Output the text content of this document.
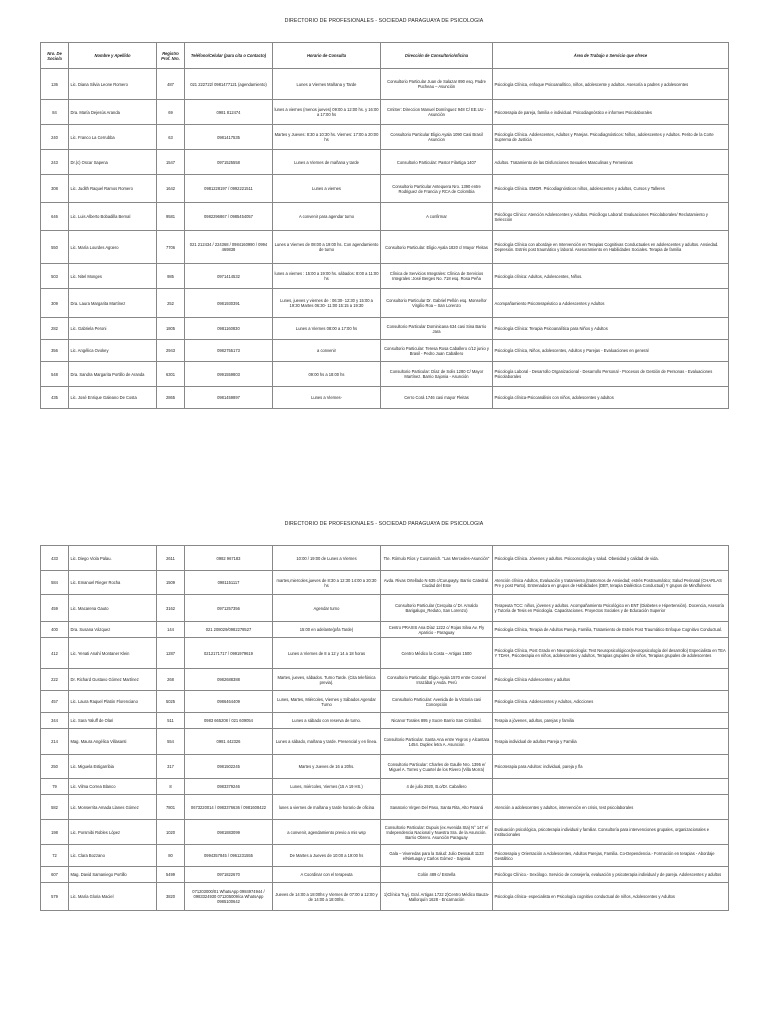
DIRECTORIO DE PROFESIONALES - SOCIEDAD PARAGUAYA DE PSICOLOGIA
Nro. De Socio/a	Nombre y Apellido	Registro Prof. Nro.	Teléfono/Celular (para cita o Contacto)	Horario de Consulta	Dirección de Consultorio/oficina	Área de Trabajo o Servicio que ofrece
136	Lic. Diana Silvia Leone Romero	487	021 222722/ 0981477121 (agendamiento)	Lunes a Viernes Mañana y Tarde	Consultorio Particular Juan de Salazar 890 esq. Padre Pucheau – Asunción	Psicología Clínica, enfoque Psicoanalítico, niños, adolescente y adultos. Asesoría a padres y adolescentes
84	Dra. María Dejesús Aranda	69	0981 812474	lunes a viernes (menos jueves) 09:00 a 12:00 hs. y 16:00 a 17:00 hs	CmiSer: Direccion Manuel Domínguez 948 C/ EE.UU - Asunción	Psicoterapia de pareja, familia e individual. Psicodiagnóstico e informes Psicolaborales
240	Lic. Franco La Cerrubba	63	0981417535	Martes y Jueves: 8:30 a 10:30 hs. Viernes: 17:00 a 20:00 hs	Consultorio Particular Eligio Ayala 1090 Casi Brasil Asuncion	Psicología Clínica. Adolescentes, Adultos y Parejas. Psicodiagnósticos: Niños, adolescentes y Adultos. Perito de la Corte Suprema de Justicia
243	Dr.(c) Oscar Sapena	1547	0971525558	Lunes a Viernes de mañana y tarde	Consultorio Particular: Pastor Filartiga 1407	Adultos. Tratamiento de las Disfunciones Sexuales Masculinas y Femeninas
308	Lic. Judith Raquel Ramos Romero	1642	0981228197 / 0992221511	Lunes a viernes	Consultorio Particular Antequera Nro. 1390 entre Rodriguez de Francia y RCA de Colombia	Psicología Clínica. EMDR. Psicodiagnósticos niños, adolescentes y adultos, Cursos y Talleres
646	Lic. Luis Alberto Bobadilla Bernal	9581	0982296867 / 0985454057	A convenir para agendar turno	A confirmar	Psicólogo Clínico: Atención Adolescentes y Adultos. Psicólogo Laboral: Evaluaciones Psicolaborales/ Reclutamiento y Selección
550	Lic. María Lourdes Agüero	7706	021 212434 / 224368 / 0984160990 / 0994 469838	Lunes a Viernes de 08:00 a 19:00 hs. Con agendamiento de turno	Consultorio Particular: Eligio Ayala 1820 c/ Mayor Fleitas	Psicología Clínica con abordaje en Intervención en Terapias Cognitivas Conductuales en adolescentes y adultos. Ansiedad. Depresión. Estrés post traumático y laboral. Asesoramiento en Habilidades Sociales. Terapia de familia
503	Lic. Nitel Monges	985	0971414532	lunes a viernes : 15:00 a 19:00 hs. sábados: 8:00 a 11:00 hs	Clínica de Servicios Integrales: Clínica de Servicios Integrales :José Berges No. 718 esq. Rosa Peña	Psicología clínica: Adultos, Adolescentes, Niños.
309	Dra. Laura Margarita Martínez	252	0981930391	Lunes, jueves y viernes de : 06:30- 12:30 y 15:00 a 19:30 Martes 06:30- 11:00 15:15 a 19:30	Consultorio Particular Dr. Gabriel Pellón esq. Monseñor Virgilio Roa – San Lorenzo	Acompañamiento Psicoterapéutico a Adolescentes y Adultos
282	Lic. Gabriela Peroni	1805	0981160830	Lunes a Viernes 08:00 a 17:00 hs	Consultorio Particular Dominicana 634 casi Sina Barrio Jara	Psicología Clínica: Terapia Psicoanalítica para Niños y Adultos
356	Lic. Angélica Ovokey	2943	0982755173	a convenir	Consultorio Particular: Teresa Rosa Caballero c/12 junio y Brasil - Pedro Juan Caballero	Psicología Clínica, Niños, adolescentes, Adultos y Parejas - Evaluaciones en general
548	Dra. Sandra Margarita Portillo de Aranda	6301	0991559803	09:00 hs a 18:00 hs	Consultorio Particular: Díaz de Solis 1280 C/ Mayor Martínez. Barrio Sajonia - Asunción	Psicología Laboral - Desarrollo Organizacional - Desarrollo Personal - Procesos de Gestión de Personas - Evaluaciones Psicolaborales
435	Lic. José Enrique Galeano De Costa	2865	0981459897	Lunes a Viernes-	Cerro Corá 1746 casi mayor Fleitas	Psicología clínica-Psicoanálisis con niños, adolescentes y adultos
DIRECTORIO DE PROFESIONALES - SOCIEDAD PARAGUAYA DE PSICOLOGIA
433	Lic. Diego Viola Palau.	2611	0982 967183	10:00 / 19:00 de Lunes a Viernes	Tte. Rómulo Ríos y Cusmanich. "Las Mercedes-Asunción"	Psicología Clínica. Jóvenes y adultos. Psicooncología y salud. Obesidad y calidad de vida.
584	Lic. Emanuel Rieger Rocha	1509	0981151117	martes,miercoles,jueves de 8:30 a 12:30 14:00 a 20:30 hs	Avda. Rivas Ortellado N 635 c/Curupayty. Barrio Catedral. Ciudad del Este	Atención clínica Adultos, Evaluación y tratamiento,(trastornos de Ansiedad; estrés Postraumático; Salud Perinatal (CHARLAS Pre y post Parto). Entrenadora en grupos de Habilidades (DBT, terapia Dialéctica Conductual) Y grupos de Mindfulness
459	Lic. Macarena Gauto	3162	0971257356	Agendar turno	Consultorio Particular (Cerquita c/ Dr. Arnaldo Barigalupo_Reduto, San Lorenzo)	Terapeuta TCC: niños, jóvenes y adultos. Acompañamiento Psicológico en ENT (Diabetes e Hipertensión). Docencia, Asesoría y Tutoría de Tesis en Psicología. Capacitaciones. Proyectos Sociales y de Educación Superior
400	Dra. Susana Vázquez	144	021 208029/0982278527	15:00 en adelante(p/la Tarde)	Centro PRAXIS Ana Díaz 1222 c/ Rojas Silva Av. Fly Aparicio - Paraguay	Psicología Clínica, Terapia de Adultos Pareja, Familia, Tratamiento de Estrés Post Traumático Enfoque Cognitivo Conductual.
412	Lic. Yenati Anahí Montaner Klein	1287	0212171717 / 0991979619	Lunes a Viernes de 8 a 12 y 14 a 18 horas	Centro Médico la Costa – Artigas 1500	Psicología Clínica, Post Grado en Neuropsicología: Test Neuropsicológicos(neuropsicología del desarrollo) Especialista en TEA Y TDAH, Psicoterapia en niños, adolescentes y adultos, Terapias grupales de niños, Terapias grupales de adolescentes
222	Dr. Richard Gustavo Gómez Martínez	268	0982688388	Martes, jueves, sábados. Turno Tarde. (Cita telefónica previa).	Consultorio Particular: Eligio Ayala 1570 entre Coronel Irrazábal y Avda. Perú	Psicología Clínica Adolescentes y adultos
457	Lic. Laura Raquel Platón Florenciano	5025	0986464409	Lunes, Martes, Miércoles, Viernes y Sábados Agendar Turno	Consultorio Particular: Avenida de la Victoria casi Concepción	Psicología Clínica. Adolescentes y Adultos, Adicciones
344	Lic. Sara Yaluff de Olari	511	0983 665208 / 021 609054	Lunes a sábado con reserva de turno.	Nicanor Torales 895 y Sucre Barrio San Cristóbal.	Terapia a jóvenes, adultos, parejas y familia
214	Mag. Maura Angélica Villasanti	554	0981 442326	Lunes a sábado, mañana y tarde. Presencial y en línea.	Consultorio Particular. Santa Ana entre Yegros y Alcantara 1454. Duplex letra A. Asunción	Terapia individual de adultos Pareja y Familia
250	Lic. Miguela Estigarribia	317	0981502245	Martes y Jueves de 16 a 20hs.	Consultorio Particular: Charles de Gaulle Nro. 1395 e/ Miguel A. Torres y Cuartel de los Rivero (Villa Morra)	Psicoterapia para Adultos: individual, pareja y fla
79	Lic. Vilma Correa Blanco	8	0983379246	Lunes, miércoles, Viernes (15 A 19 HS.)	4 de julio 2920, B.o/Dr. Caballero	
582	Lic. Monserrita Amada Llanes Gómez	7801	0673220014 / 0983376636 / 0981608422	lunes a viernes de mañana y tarde horario de oficina	Sanatorio Virgen Del Paso, Santa Rita, Alto Paraná	Atención a adolescentes y adultos, intervención en crisis, test psicolaborales
198	Lic. Porsmibi Robles López	1020	0981883099	a convenir, agendamiento previo a mis wsp	Consultorio Particular: Dupuis (ex Avenida Sta) N° 147 e/ Independencia Nacional y Nuestra Sra. de la Asunción. Barrio Obrero. Asunción Paraguay	Evaluación psicológica, psicoterapia individual y familiar. Consultoría para intervenciones grupales, organizacionales e institucionales
72	Lic. Clara Bozzano	80	0994357845 / 0961231555	De Martes a Jueves de 10:00 a 19:00 hs	Gala – Viveredas para la Salud: Julio Dessault 1133 e/Nietuaga y Carlos Gómez - Sajonia	Psicoterapia y Orientación a Adolescentes, Adultos Parejas, Familia. Co-Dependencia.- Formación en terapias - Abordaje Gestáltico
607	Mag. David Samaniego Portillo	5499	0971822670	A Coordinar con el terapeuta	Colón 489 c/ Estrella	Psicólogo Clínico.- Sexólogo. Servicio de consejería, evaluación y psicoterapia individual y de pareja. Adolescentes y adultos
579	Lic. María Gloria Maciel	3820	071203000/01 WhatsApp 0984974944 / 0983324930 071205009/ca WhatsApp 0985100642	Jueves de 14:00 a 18:00hs y Viernes de 07:00 a 12:00 y de 14:00 a 18:00hs.	1)Clínica Tuyj. Gral. Artigas 1722 2)Centro Médico Bauza-Mallorquín 1628 - Encarnación	Psicología clínica- especialista en Psicología cognitivo conductual de niños, Adolescentes y Adultos
